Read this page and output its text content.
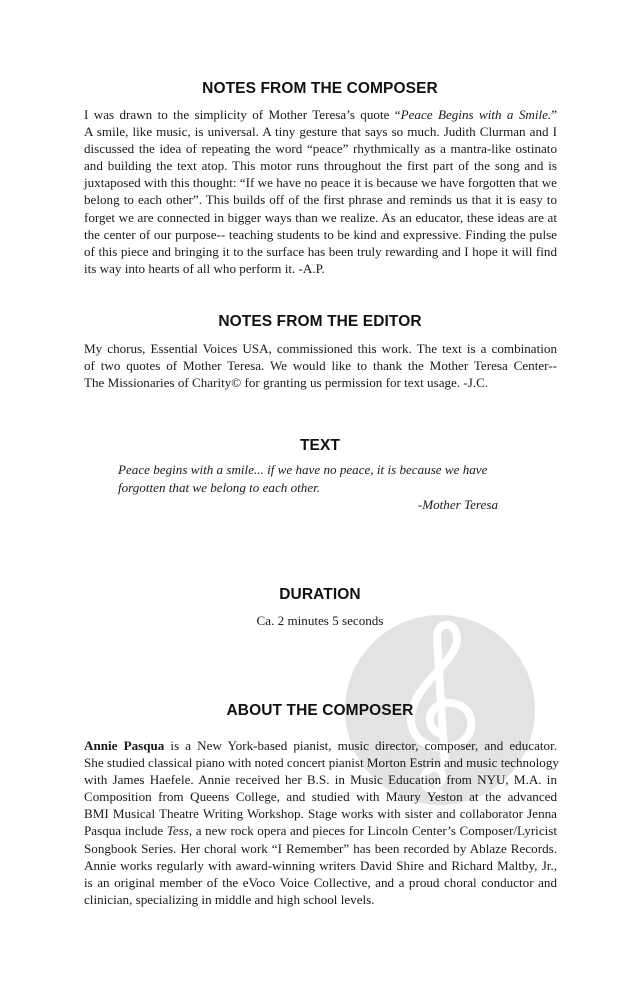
NOTES FROM THE COMPOSER
I was drawn to the simplicity of Mother Teresa’s quote “Peace Begins with a Smile.”
A smile, like music, is universal. A tiny gesture that says so much. Judith Clurman and I
discussed the idea of repeating the word “peace” rhythmically as a mantra-like ostinato
and building the text atop. This motor runs throughout the first part of the song and is
juxtaposed with this thought: “If we have no peace it is because we have forgotten that we
belong to each other”. This builds off of the first phrase and reminds us that it is easy to
forget we are connected in bigger ways than we realize. As an educator, these ideas are at
the center of our purpose-- teaching students to be kind and expressive. Finding the pulse
of this piece and bringing it to the surface has been truly rewarding and I hope it will find
its way into hearts of all who perform it. -A.P.
NOTES FROM THE EDITOR
My chorus, Essential Voices USA, commissioned this work. The text is a combination
of two quotes of Mother Teresa. We would like to thank the Mother Teresa Center--
The Missionaries of Charity© for granting us permission for text usage. -J.C.
TEXT
Peace begins with a smile... if we have no peace, it is because we have
forgotten that we belong to each other.
-Mother Teresa
DURATION

Ca. 2 minutes 5 seconds

ABOUT THE COMPOSER
Annie Pasqua is a New York-based pianist, music director, composer, and educator.
She studied classical piano with noted concert pianist Morton Estrin and music technology
with James Haefele. Annie received her B.S. in Music Education from NYU, M.A. in
Composition from Queens College, and studied with Maury Yeston at the advanced
BMI Musical Theatre Writing Workshop. Stage works with sister and collaborator Jenna
Pasqua include Tess, a new rock opera and pieces for Lincoln Center’s Composer/Lyricist
Songbook Series. Her choral work “I Remember” has been recorded by Ablaze Records.
Annie works regularly with award-winning writers David Shire and Richard Maltby, Jr.,
is an original member of the eVoco Voice Collective, and a proud choral conductor and
clinician, specializing in middle and high school levels.
